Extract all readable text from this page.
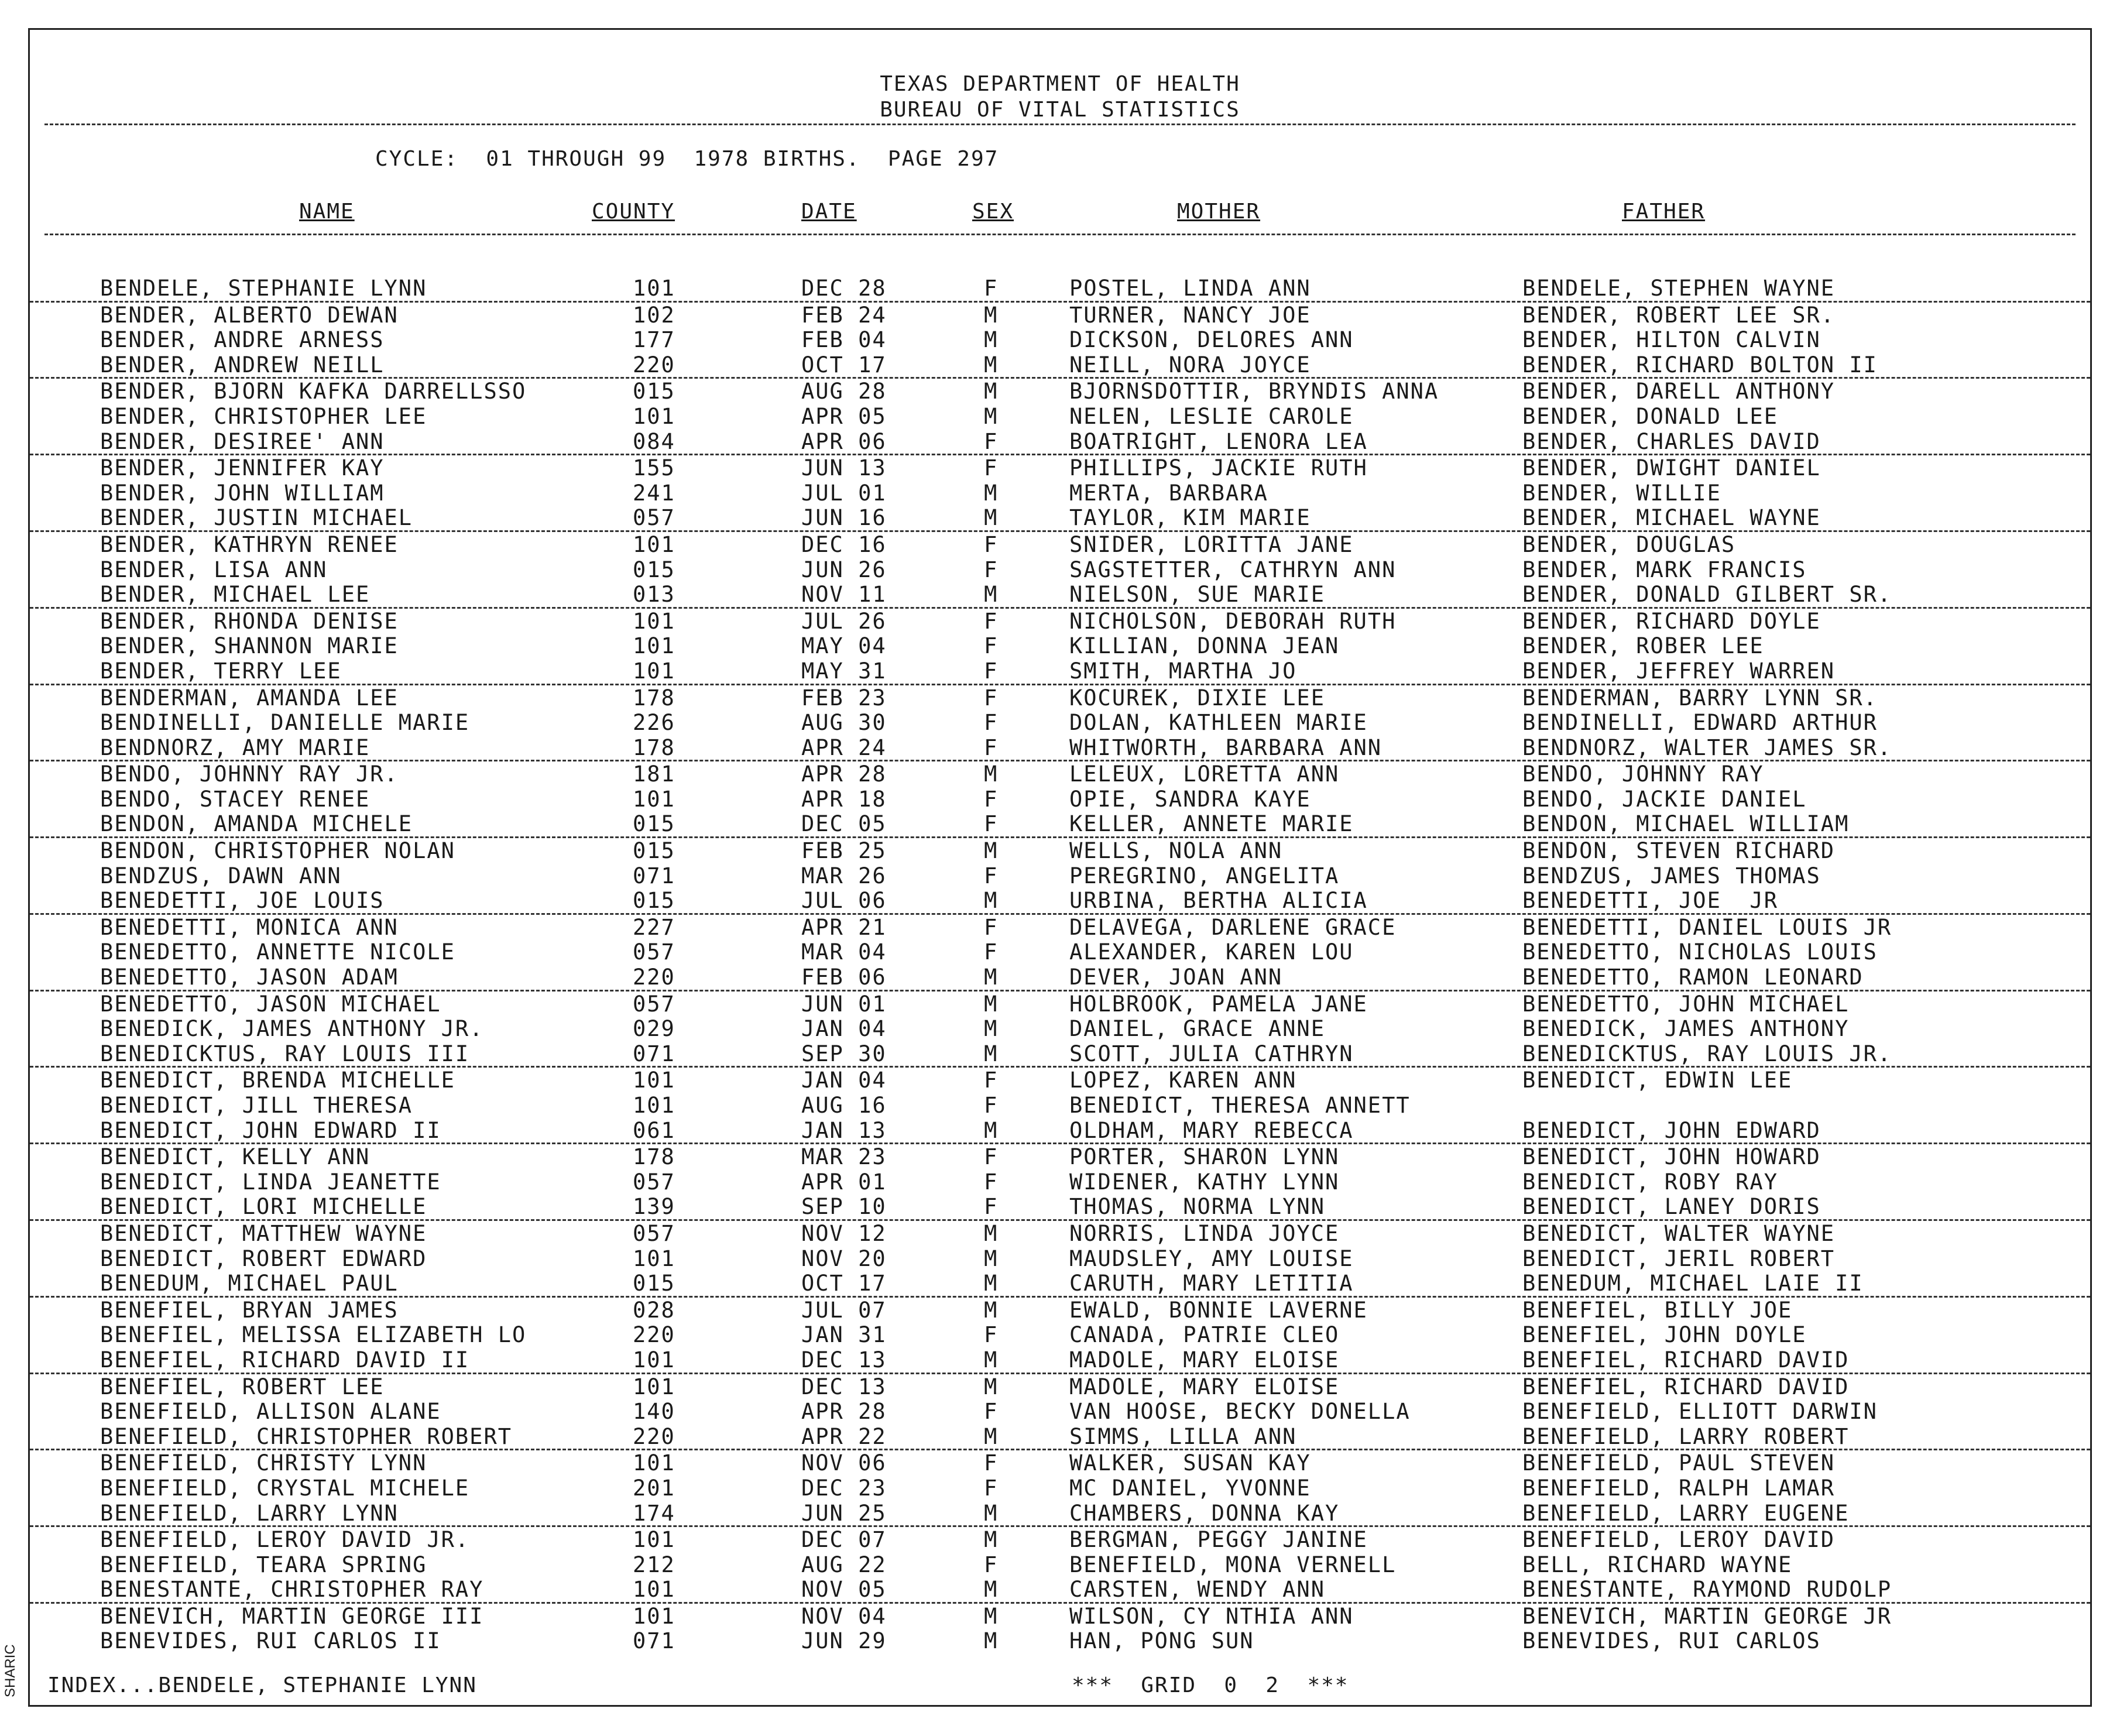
TEXAS DEPARTMENT OF HEALTH
BUREAU OF VITAL STATISTICS
CYCLE:  01 THROUGH 99  1978 BIRTHS.  PAGE 297
NAME	COUNTY	DATE	SEX	MOTHER	FATHER
BENDELE, STEPHANIE LYNN	101	DEC 28	F	POSTEL, LINDA ANN	BENDELE, STEPHEN WAYNE
BENDER, ALBERTO DEWAN	102	FEB 24	M	TURNER, NANCY JOE	BENDER, ROBERT LEE SR.
BENDER, ANDRE ARNESS	177	FEB 04	M	DICKSON, DELORES ANN	BENDER, HILTON CALVIN
BENDER, ANDREW NEILL	220	OCT 17	M	NEILL, NORA JOYCE	BENDER, RICHARD BOLTON II
BENDER, BJORN KAFKA DARRELLSSO	015	AUG 28	M	BJORNSDOTTIR, BRYNDIS ANNA	BENDER, DARELL ANTHONY
BENDER, CHRISTOPHER LEE	101	APR 05	M	NELEN, LESLIE CAROLE	BENDER, DONALD LEE
BENDER, DESIREE' ANN	084	APR 06	F	BOATRIGHT, LENORA LEA	BENDER, CHARLES DAVID
BENDER, JENNIFER KAY	155	JUN 13	F	PHILLIPS, JACKIE RUTH	BENDER, DWIGHT DANIEL
BENDER, JOHN WILLIAM	241	JUL 01	M	MERTA, BARBARA	BENDER, WILLIE
BENDER, JUSTIN MICHAEL	057	JUN 16	M	TAYLOR, KIM MARIE	BENDER, MICHAEL WAYNE
BENDER, KATHRYN RENEE	101	DEC 16	F	SNIDER, LORITTA JANE	BENDER, DOUGLAS
BENDER, LISA ANN	015	JUN 26	F	SAGSTETTER, CATHRYN ANN	BENDER, MARK FRANCIS
BENDER, MICHAEL LEE	013	NOV 11	M	NIELSON, SUE MARIE	BENDER, DONALD GILBERT SR.
BENDER, RHONDA DENISE	101	JUL 26	F	NICHOLSON, DEBORAH RUTH	BENDER, RICHARD DOYLE
BENDER, SHANNON MARIE	101	MAY 04	F	KILLIAN, DONNA JEAN	BENDER, ROBER LEE
BENDER, TERRY LEE	101	MAY 31	F	SMITH, MARTHA JO	BENDER, JEFFREY WARREN
BENDERMAN, AMANDA LEE	178	FEB 23	F	KOCUREK, DIXIE LEE	BENDERMAN, BARRY LYNN SR.
BENDINELLI, DANIELLE MARIE	226	AUG 30	F	DOLAN, KATHLEEN MARIE	BENDINELLI, EDWARD ARTHUR
BENDNORZ, AMY MARIE	178	APR 24	F	WHITWORTH, BARBARA ANN	BENDNORZ, WALTER JAMES SR.
BENDO, JOHNNY RAY JR.	181	APR 28	M	LELEUX, LORETTA ANN	BENDO, JOHNNY RAY
BENDO, STACEY RENEE	101	APR 18	F	OPIE, SANDRA KAYE	BENDO, JACKIE DANIEL
BENDON, AMANDA MICHELE	015	DEC 05	F	KELLER, ANNETE MARIE	BENDON, MICHAEL WILLIAM
BENDON, CHRISTOPHER NOLAN	015	FEB 25	M	WELLS, NOLA ANN	BENDON, STEVEN RICHARD
BENDZUS, DAWN ANN	071	MAR 26	F	PEREGRINO, ANGELITA	BENDZUS, JAMES THOMAS
BENEDETTI, JOE LOUIS	015	JUL 06	M	URBINA, BERTHA ALICIA	BENEDETTI, JOE  JR
BENEDETTI, MONICA ANN	227	APR 21	F	DELAVEGA, DARLENE GRACE	BENEDETTI, DANIEL LOUIS JR
BENEDETTO, ANNETTE NICOLE	057	MAR 04	F	ALEXANDER, KAREN LOU	BENEDETTO, NICHOLAS LOUIS
BENEDETTO, JASON ADAM	220	FEB 06	M	DEVER, JOAN ANN	BENEDETTO, RAMON LEONARD
BENEDETTO, JASON MICHAEL	057	JUN 01	M	HOLBROOK, PAMELA JANE	BENEDETTO, JOHN MICHAEL
BENEDICK, JAMES ANTHONY JR.	029	JAN 04	M	DANIEL, GRACE ANNE	BENEDICK, JAMES ANTHONY
BENEDICKTUS, RAY LOUIS III	071	SEP 30	M	SCOTT, JULIA CATHRYN	BENEDICKTUS, RAY LOUIS JR.
BENEDICT, BRENDA MICHELLE	101	JAN 04	F	LOPEZ, KAREN ANN	BENEDICT, EDWIN LEE
BENEDICT, JILL THERESA	101	AUG 16	F	BENEDICT, THERESA ANNETT
BENEDICT, JOHN EDWARD II	061	JAN 13	M	OLDHAM, MARY REBECCA	BENEDICT, JOHN EDWARD
BENEDICT, KELLY ANN	178	MAR 23	F	PORTER, SHARON LYNN	BENEDICT, JOHN HOWARD
BENEDICT, LINDA JEANETTE	057	APR 01	F	WIDENER, KATHY LYNN	BENEDICT, ROBY RAY
BENEDICT, LORI MICHELLE	139	SEP 10	F	THOMAS, NORMA LYNN	BENEDICT, LANEY DORIS
BENEDICT, MATTHEW WAYNE	057	NOV 12	M	NORRIS, LINDA JOYCE	BENEDICT, WALTER WAYNE
BENEDICT, ROBERT EDWARD	101	NOV 20	M	MAUDSLEY, AMY LOUISE	BENEDICT, JERIL ROBERT
BENEDUM, MICHAEL PAUL	015	OCT 17	M	CARUTH, MARY LETITIA	BENEDUM, MICHAEL LAIE II
BENEFIEL, BRYAN JAMES	028	JUL 07	M	EWALD, BONNIE LAVERNE	BENEFIEL, BILLY JOE
BENEFIEL, MELISSA ELIZABETH LO	220	JAN 31	F	CANADA, PATRIE CLEO	BENEFIEL, JOHN DOYLE
BENEFIEL, RICHARD DAVID II	101	DEC 13	M	MADOLE, MARY ELOISE	BENEFIEL, RICHARD DAVID
BENEFIEL, ROBERT LEE	101	DEC 13	M	MADOLE, MARY ELOISE	BENEFIEL, RICHARD DAVID
BENEFIELD, ALLISON ALANE	140	APR 28	F	VAN HOOSE, BECKY DONELLA	BENEFIELD, ELLIOTT DARWIN
BENEFIELD, CHRISTOPHER ROBERT	220	APR 22	M	SIMMS, LILLA ANN	BENEFIELD, LARRY ROBERT
BENEFIELD, CHRISTY LYNN	101	NOV 06	F	WALKER, SUSAN KAY	BENEFIELD, PAUL STEVEN
BENEFIELD, CRYSTAL MICHELE	201	DEC 23	F	MC DANIEL, YVONNE	BENEFIELD, RALPH LAMAR
BENEFIELD, LARRY LYNN	174	JUN 25	M	CHAMBERS, DONNA KAY	BENEFIELD, LARRY EUGENE
BENEFIELD, LEROY DAVID JR.	101	DEC 07	M	BERGMAN, PEGGY JANINE	BENEFIELD, LEROY DAVID
BENEFIELD, TEARA SPRING	212	AUG 22	F	BENEFIELD, MONA VERNELL	BELL, RICHARD WAYNE
BENESTANTE, CHRISTOPHER RAY	101	NOV 05	M	CARSTEN, WENDY ANN	BENESTANTE, RAYMOND RUDOLP
BENEVICH, MARTIN GEORGE III	101	NOV 04	M	WILSON, CY NTHIA ANN	BENEVICH, MARTIN GEORGE JR
BENEVIDES, RUI CARLOS II	071	JUN 29	M	HAN, PONG SUN	BENEVIDES, RUI CARLOS
INDEX...BENDELE, STEPHANIE LYNN	***  GRID  0  2  ***
SHARIC
